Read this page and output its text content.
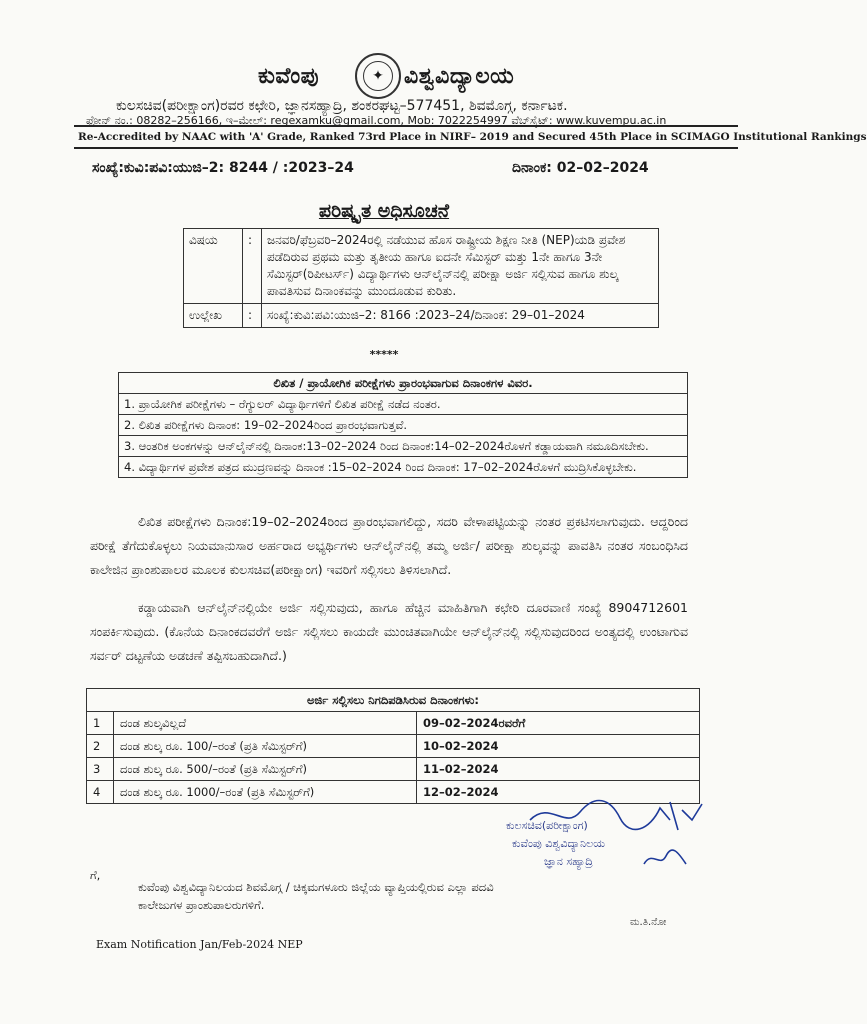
ಕುವೆಂಪು	✦ ವಿಶ್ವವಿದ್ಯಾಲಯ
ಕುಲಸಚಿವ(ಪರೀಕ್ಷಾಂಗ)ರವರ ಕಛೇರಿ, ಜ್ಞಾನಸಹ್ಯಾದ್ರಿ, ಶಂಕರಘಟ್ಟ–577451, ಶಿವಮೊಗ್ಗ, ಕರ್ನಾಟಕ.
ಫೋನ್ ನಂ.: 08282–256166, ಇ–ಮೇಲ್: regexamku@gmail.com, Mob: 7022254997 ವೆಬ್‌ಸೈಟ್: www.kuvempu.ac.in
Re-Accredited by NAAC with 'A' Grade, Ranked 73rd Place in NIRF– 2019 and Secured 45th Place in SCIMAGO Institutional Rankings
ಸಂಖ್ಯೆ:ಕುವಿ:ಪವಿ:ಯುಜಿ–2: 8244 / :2023–24	ದಿನಾಂಕ: 02–02–2024
ಪರಿಷ್ಕೃತ ಅಧಿಸೂಚನೆ
ವಿಷಯ	:	ಜನವರಿ/ಫೆಬ್ರವರಿ–2024ರಲ್ಲಿ ನಡೆಯುವ ಹೊಸ ರಾಷ್ಟ್ರೀಯ ಶಿಕ್ಷಣ ನೀತಿ (NEP)ಯಡಿ ಪ್ರವೇಶ ಪಡೆದಿರುವ ಪ್ರಥಮ ಮತ್ತು ತೃತೀಯ ಹಾಗೂ ಐದನೇ ಸೆಮಿಸ್ಟರ್ ಮತ್ತು 1ನೇ ಹಾಗೂ 3ನೇ ಸೆಮಿಸ್ಟರ್(ರಿಪೀಟರ್ಸ್) ವಿದ್ಯಾರ್ಥಿಗಳು ಆನ್‌ಲೈನ್‌ನಲ್ಲಿ ಪರೀಕ್ಷಾ ಅರ್ಜಿ ಸಲ್ಲಿಸುವ ಹಾಗೂ ಶುಲ್ಕ ಪಾವತಿಸುವ ದಿನಾಂಕವನ್ನು ಮುಂದೂಡುವ ಕುರಿತು.
ಉಲ್ಲೇಖ	:	ಸಂಖ್ಯೆ:ಕುವಿ:ಪವಿ:ಯುಜಿ–2: 8166 :2023–24/ದಿನಾಂಕ: 29–01–2024
*****
ಲಿಖಿತ / ಪ್ರಾಯೋಗಿಕ ಪರೀಕ್ಷೆಗಳು ಪ್ರಾರಂಭವಾಗುವ ದಿನಾಂಕಗಳ ವಿವರ.
1. ಪ್ರಾಯೋಗಿಕ ಪರೀಕ್ಷೆಗಳು – ರೆಗ್ಯುಲರ್ ವಿದ್ಯಾರ್ಥಿಗಳಿಗೆ ಲಿಖಿತ ಪರೀಕ್ಷೆ ನಡೆದ ನಂತರ.
2. ಲಿಖಿತ ಪರೀಕ್ಷೆಗಳು ದಿನಾಂಕ: 19–02–2024ರಿಂದ ಪ್ರಾರಂಭವಾಗುತ್ತವೆ.
3. ಆಂತರಿಕ ಅಂಕಗಳನ್ನು ಆನ್‌ಲೈನ್‌ನಲ್ಲಿ ದಿನಾಂಕ:13–02–2024 ರಿಂದ ದಿನಾಂಕ:14–02–2024ರೊಳಗೆ ಕಡ್ಡಾಯವಾಗಿ ನಮೂದಿಸಬೇಕು.
4. ವಿದ್ಯಾರ್ಥಿಗಳ ಪ್ರವೇಶ ಪತ್ರದ ಮುದ್ರಣವನ್ನು ದಿನಾಂಕ :15–02–2024 ರಿಂದ ದಿನಾಂಕ: 17–02–2024ರೊಳಗೆ ಮುದ್ರಿಸಿಕೊಳ್ಳಬೇಕು.
ಲಿಖಿತ ಪರೀಕ್ಷೆಗಳು ದಿನಾಂಕ:19–02–2024ರಿಂದ ಪ್ರಾರಂಭವಾಗಲಿದ್ದು, ಸದರಿ ವೇಳಾಪಟ್ಟಿಯನ್ನು ನಂತರ ಪ್ರಕಟಿಸಲಾಗುವುದು. ಆದ್ದರಿಂದ ಪರೀಕ್ಷೆ ತೆಗೆದುಕೊಳ್ಳಲು ನಿಯಮಾನುಸಾರ ಅರ್ಹರಾದ ಅಭ್ಯರ್ಥಿಗಳು ಆನ್‌ಲೈನ್‌ನಲ್ಲಿ ತಮ್ಮ ಅರ್ಜಿ/ ಪರೀಕ್ಷಾ ಶುಲ್ಕವನ್ನು ಪಾವತಿಸಿ ನಂತರ ಸಂಬಂಧಿಸಿದ ಕಾಲೇಜಿನ ಪ್ರಾಂಶುಪಾಲರ ಮೂಲಕ ಕುಲಸಚಿವ(ಪರೀಕ್ಷಾಂಗ) ಇವರಿಗೆ ಸಲ್ಲಿಸಲು ತಿಳಿಸಲಾಗಿದೆ.
ಕಡ್ಡಾಯವಾಗಿ ಆನ್‌ಲೈನ್‌ನಲ್ಲಿಯೇ ಅರ್ಜಿ ಸಲ್ಲಿಸುವುದು, ಹಾಗೂ ಹೆಚ್ಚಿನ ಮಾಹಿತಿಗಾಗಿ ಕಛೇರಿ ದೂರವಾಣಿ ಸಂಖ್ಯೆ 8904712601 ಸಂಪರ್ಕಿಸುವುದು. (ಕೊನೆಯ ದಿನಾಂಕದವರೆಗೆ ಅರ್ಜಿ ಸಲ್ಲಿಸಲು ಕಾಯದೇ ಮುಂಚಿತವಾಗಿಯೇ ಆನ್‌ಲೈನ್‌ನಲ್ಲಿ ಸಲ್ಲಿಸುವುದರಿಂದ ಅಂತ್ಯದಲ್ಲಿ ಉಂಟಾಗುವ ಸರ್ವರ್ ದಟ್ಟಣೆಯ ಅಡಚಣೆ ತಪ್ಪಿಸಬಹುದಾಗಿದೆ.)
ಅರ್ಜಿ ಸಲ್ಲಿಸಲು ನಿಗದಿಪಡಿಸಿರುವ ದಿನಾಂಕಗಳು:		
1	ದಂಡ ಶುಲ್ಕವಿಲ್ಲದೆ	09–02–2024ರವರೆಗೆ
2	ದಂಡ ಶುಲ್ಕ ರೂ. 100/–ರಂತೆ (ಪ್ರತಿ ಸೆಮಿಸ್ಟರ್‌ಗೆ)	10–02–2024
3	ದಂಡ ಶುಲ್ಕ ರೂ. 500/–ರಂತೆ (ಪ್ರತಿ ಸೆಮಿಸ್ಟರ್‌ಗೆ)	11–02–2024
4	ದಂಡ ಶುಲ್ಕ ರೂ. 1000/–ರಂತೆ (ಪ್ರತಿ ಸೆಮಿಸ್ಟರ್‌ಗೆ)	12–02–2024
ಕುಲಸಚಿವ(ಪರೀಕ್ಷಾಂಗ)
ಕುವೆಂಪು ವಿಶ್ವವಿದ್ಯಾನಿಲಯ
ಜ್ಞಾನ ಸಹ್ಯಾದ್ರಿ
ಗೆ,
ಕುವೆಂಪು ವಿಶ್ವವಿದ್ಯಾನಿಲಯದ ಶಿವಮೊಗ್ಗ / ಚಿಕ್ಕಮಗಳೂರು ಜಿಲ್ಲೆಯ ವ್ಯಾಪ್ತಿಯಲ್ಲಿರುವ ಎಲ್ಲಾ ಪದವಿ
ಕಾಲೇಜುಗಳ ಪ್ರಾಂಶುಪಾಲರುಗಳಿಗೆ.
ಮ.ತಿ.ನೋ
Exam Notification Jan/Feb-2024 NEP
